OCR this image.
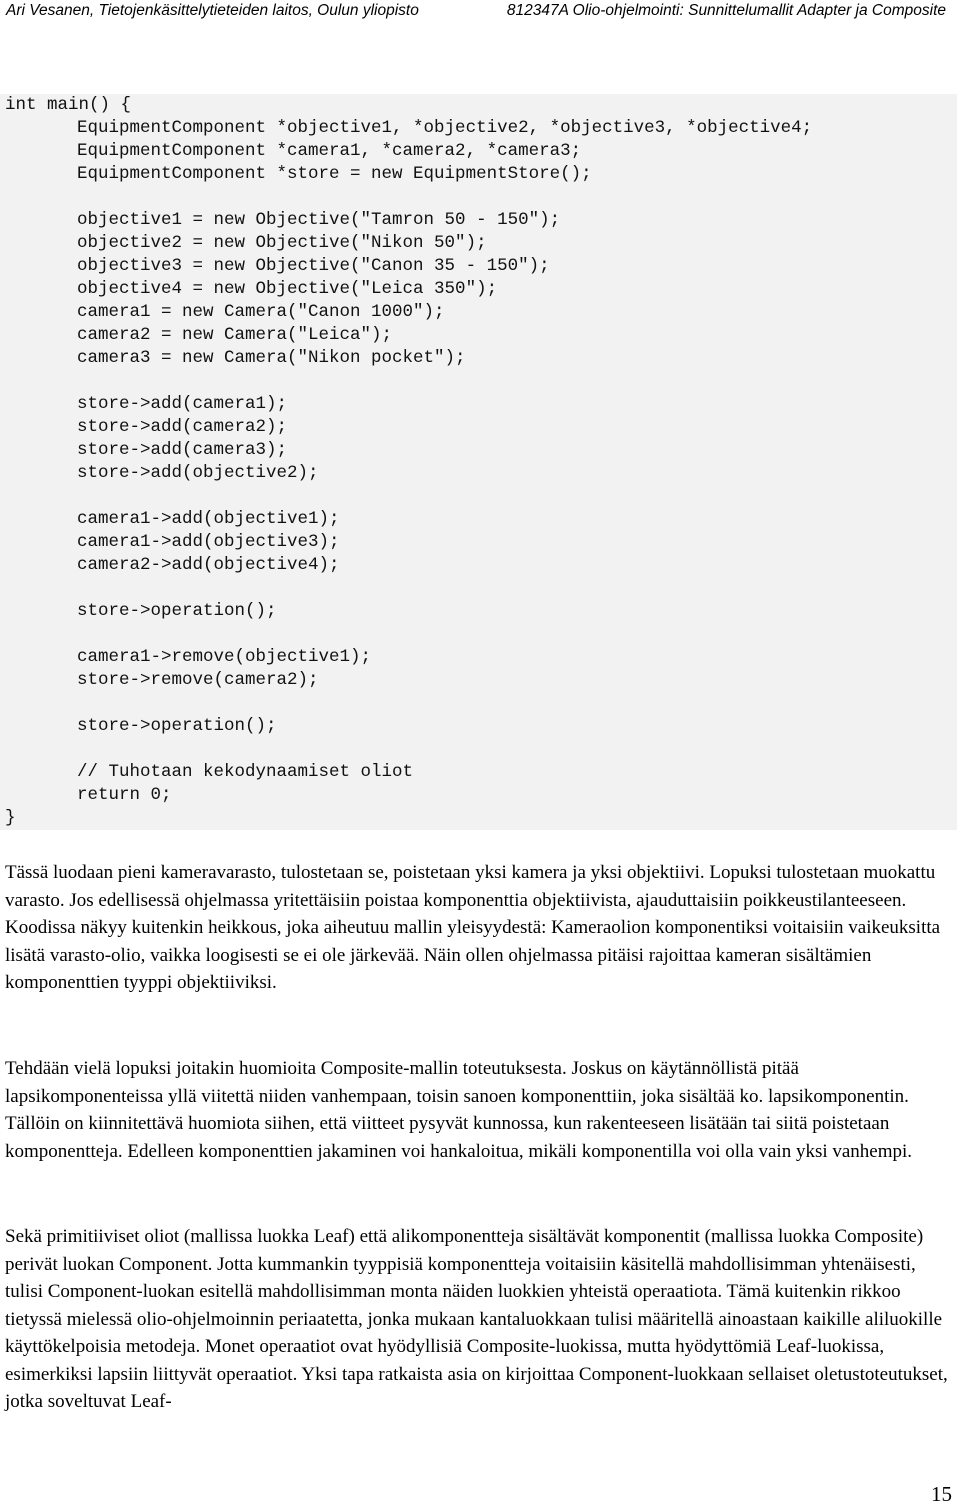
Ari Vesanen, Tietojenkäsittelytieteiden laitos, Oulun yliopisto	812347A Olio-ohjelmointi: Sunnittelumallit Adapter ja Composite
int main() {
EquipmentComponent *objective1, *objective2, *objective3, *objective4;
EquipmentComponent *camera1, *camera2, *camera3;
EquipmentComponent *store = new EquipmentStore();
objective1 = new Objective("Tamron 50 - 150");
objective2 = new Objective("Nikon 50");
objective3 = new Objective("Canon 35 - 150");
objective4 = new Objective("Leica 350");
camera1 = new Camera("Canon 1000");
camera2 = new Camera("Leica");
camera3 = new Camera("Nikon pocket");
store->add(camera1);
store->add(camera2);
store->add(camera3);
store->add(objective2);
camera1->add(objective1);
camera1->add(objective3);
camera2->add(objective4);
store->operation();
camera1->remove(objective1);
store->remove(camera2);
store->operation();
// Tuhotaan kekodynaamiset oliot
return 0;
}

Tässä luodaan pieni kameravarasto, tulostetaan se, poistetaan yksi kamera ja yksi objektiivi. Lopuksi tulostetaan muokattu varasto. Jos edellisessä ohjelmassa yritettäisiin poistaa komponenttia objektiivista, ajauduttaisiin poikkeustilanteeseen. Koodissa näkyy kuitenkin heikkous, joka aiheutuu mallin yleisyydestä: Kameraolion komponentiksi voitaisiin vaikeuksitta lisätä varasto-olio, vaikka loogisesti se ei ole järkevää. Näin ollen ohjelmassa pitäisi rajoittaa kameran sisältämien komponenttien tyyppi objektiiviksi.

Tehdään vielä lopuksi joitakin huomioita Composite-mallin toteutuksesta. Joskus on käytännöllistä pitää lapsikomponenteissa yllä viitettä niiden vanhempaan, toisin sanoen komponenttiin, joka sisältää ko. lapsikomponentin. Tällöin on kiinnitettävä huomiota siihen, että viitteet pysyvät kunnossa, kun rakenteeseen lisätään tai siitä poistetaan komponentteja. Edelleen komponenttien jakaminen voi hankaloitua, mikäli komponentilla voi olla vain yksi vanhempi.

Sekä primitiiviset oliot (mallissa luokka Leaf) että alikomponentteja sisältävät komponentit (mallissa luokka Composite) perivät luokan Component. Jotta kummankin tyyppisiä komponentteja voitaisiin käsitellä mahdollisimman yhtenäisesti, tulisi Component-luokan esitellä mahdollisimman monta näiden luokkien yhteistä operaatiota. Tämä kuitenkin rikkoo tietyssä mielessä olio-ohjelmoinnin periaatetta, jonka mukaan kantaluokkaan tulisi määritellä ainoastaan kaikille aliluokille käyttökelpoisia metodeja. Monet operaatiot ovat hyödyllisiä Composite-luokissa, mutta hyödyttömiä Leaf-luokissa, esimerkiksi lapsiin liittyvät operaatiot. Yksi tapa ratkaista asia on kirjoittaa Component-luokkaan sellaiset oletustoteutukset, jotka soveltuvat Leaf-

15
